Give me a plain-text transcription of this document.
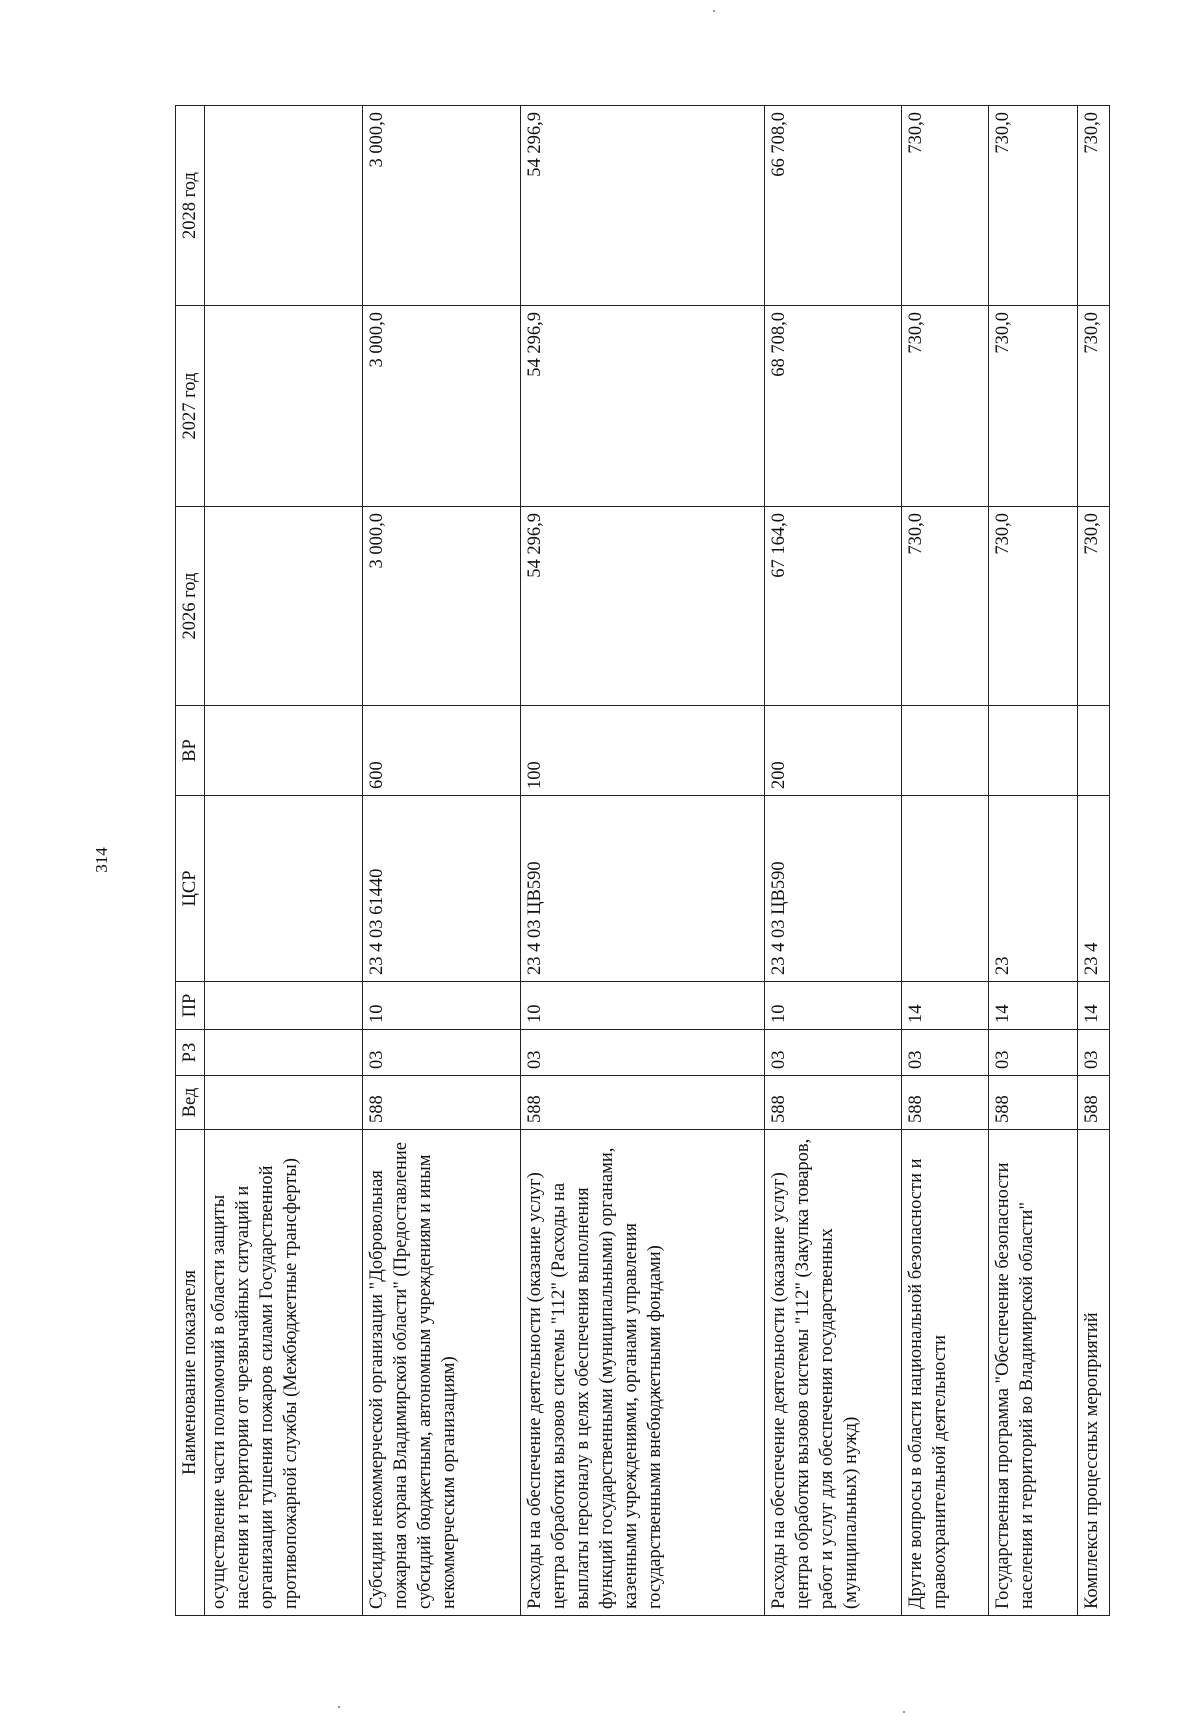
314
Наименование показателя	Вед	РЗ	ПР	ЦСР	ВР	2026 год	2027 год	2028 год
осуществление части полномочий в области защиты населения и территории от чрезвычайных ситуаций и организации тушения пожаров силами Государственной противопожарной службы (Межбюджетные трансферты)								
Субсидии некоммерческой организации "Добровольная пожарная охрана Владимирской области" (Предоставление субсидий бюджетным, автономным учреждениям и иным некоммерческим организациям)	588	03	10	23 4 03 61440	600	3 000,0	3 000,0	3 000,0
Расходы на обеспечение деятельности (оказание услуг) центра обработки вызовов системы "112" (Расходы на выплаты персоналу в целях обеспечения выполнения функций государственными (муниципальными) органами, казенными учреждениями, органами управления государственными внебюджетными фондами)	588	03	10	23 4 03 ЦВ590	100	54 296,9	54 296,9	54 296,9
Расходы на обеспечение деятельности (оказание услуг) центра обработки вызовов системы "112" (Закупка товаров, работ и услуг для обеспечения государственных (муниципальных) нужд)	588	03	10	23 4 03 ЦВ590	200	67 164,0	68 708,0	66 708,0
Другие вопросы в области национальной безопасности и правоохранительной деятельности	588	03	14			730,0	730,0	730,0
Государственная программа "Обеспечение безопасности населения и территорий во Владимирской области"	588	03	14	23		730,0	730,0	730,0
Комплексы процессных мероприятий	588	03	14	23 4		730,0	730,0	730,0
